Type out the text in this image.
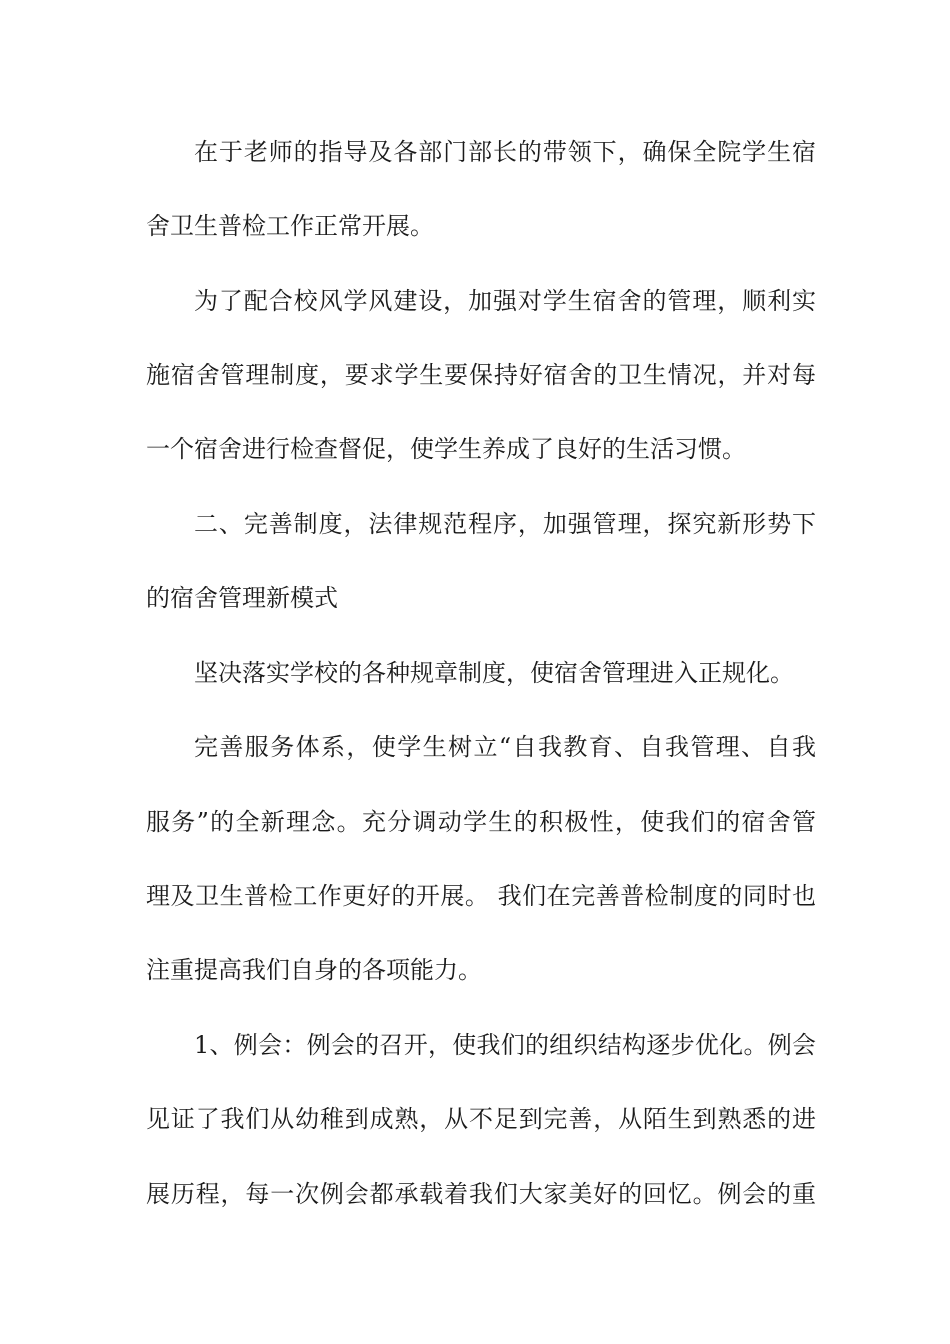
在于老师的指导及各部门部长的带领下，确保全院学生宿
舍卫生普检工作正常开展。
为了配合校风学风建设，加强对学生宿舍的管理，顺利实
施宿舍管理制度，要求学生要保持好宿舍的卫生情况，并对每
一个宿舍进行检查督促，使学生养成了良好的生活习惯。
二、完善制度，法律规范程序，加强管理，探究新形势下
的宿舍管理新模式
坚决落实学校的各种规章制度，使宿舍管理进入正规化。
完善服务体系，使学生树立“自我教育、自我管理、自我
服务”的全新理念。充分调动学生的积极性，使我们的宿舍管
理及卫生普检工作更好的开展。 我们在完善普检制度的同时也
注重提高我们自身的各项能力。
1、例会：例会的召开，使我们的组织结构逐步优化。例会
见证了我们从幼稚到成熟，从不足到完善，从陌生到熟悉的进
展历程，每一次例会都承载着我们大家美好的回忆。例会的重
